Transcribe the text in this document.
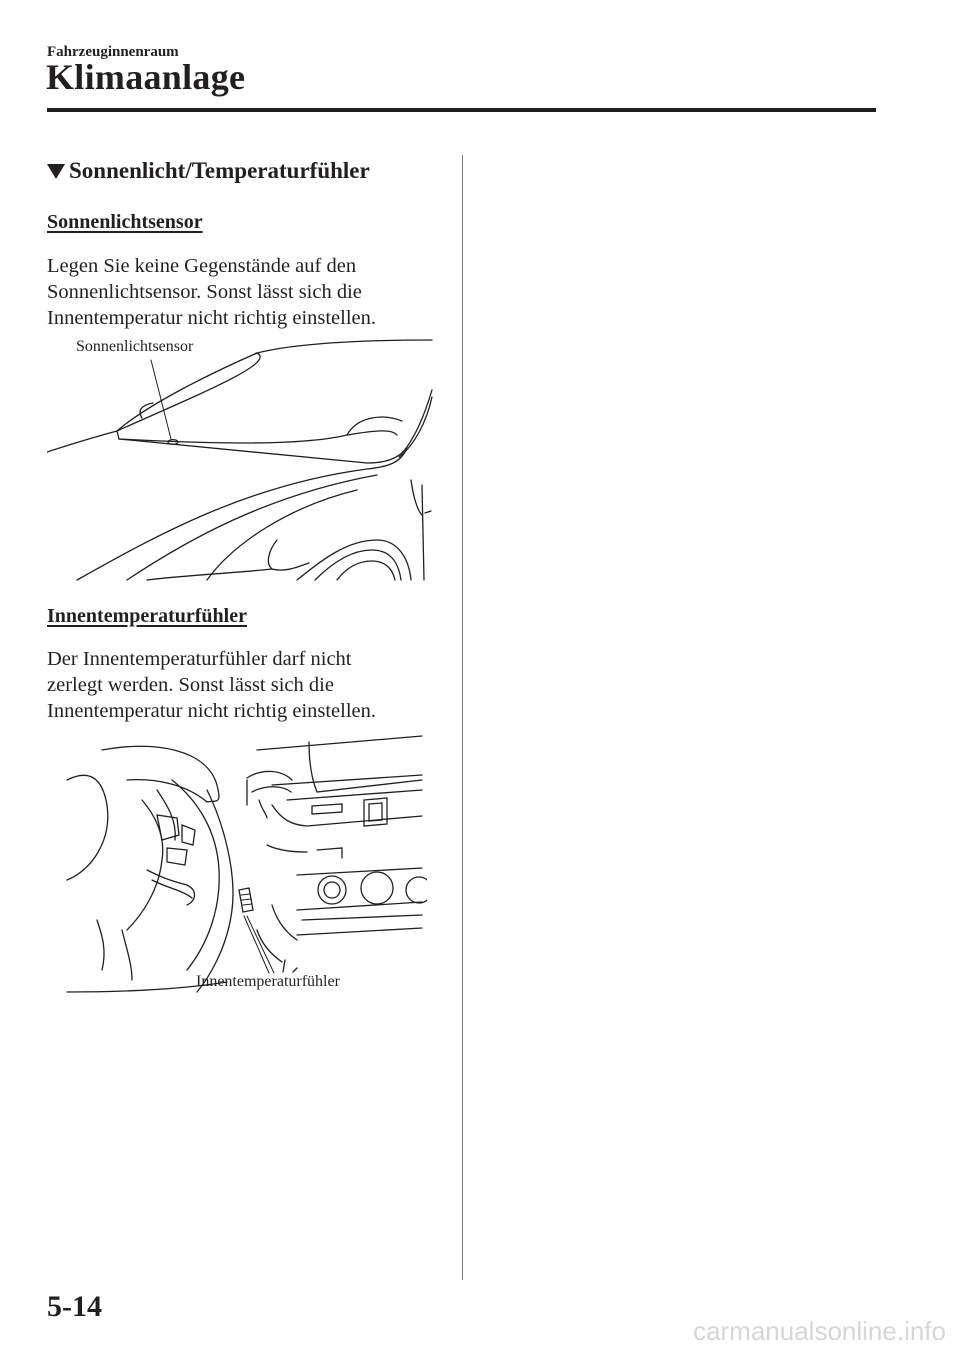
Fahrzeuginnenraum
Klimaanlage
Sonnenlicht/Temperaturfühler
Sonnenlichtsensor
Legen Sie keine Gegenstände auf den
Sonnenlichtsensor. Sonst lässt sich die
Innentemperatur nicht richtig einstellen.
Sonnenlichtsensor
Innentemperaturfühler
Der Innentemperaturfühler darf nicht
zerlegt werden. Sonst lässt sich die
Innentemperatur nicht richtig einstellen.
Innentemperaturfühler
5-14
carmanualsonline.info
